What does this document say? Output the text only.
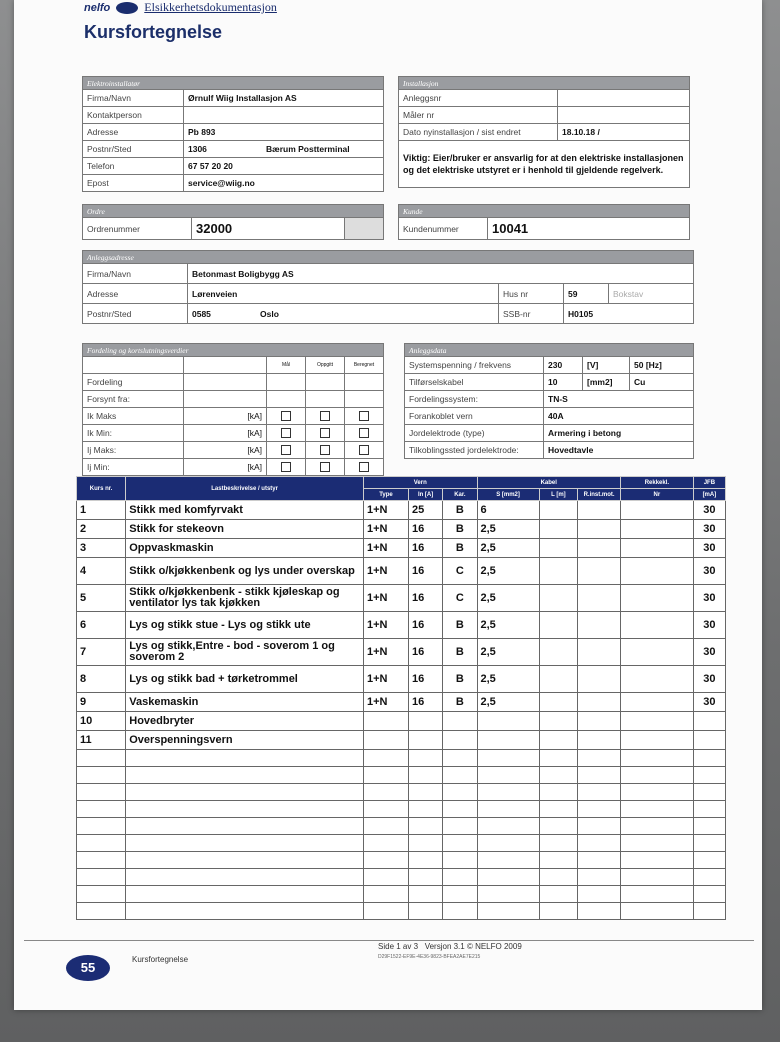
nelfo	Elsikkerhetsdokumentasjon
Kursfortegnelse
Elektroinstallatør		
Firma/Navn	Ørnulf Wiig Installasjon AS	
Kontaktperson		
Adresse	Pb 893	
Postnr/Sted	1306	Bærum Postterminal
Telefon	67 57 20 20	
Epost	service@wiig.no	
Installasjon	
Anleggsnr	
Måler nr	
Dato nyinstallasjon / sist endret	18.10.18 /
Viktig: Eier/bruker er ansvarlig for at den elektriske installasjonen og det elektriske utstyret er i henhold til gjeldende regelverk.	
Ordre
Ordrenummer	32000	
Kunde
Kundenummer	10041
Anleggsadresse					
Firma/Navn	Betonmast Boligbygg AS				
Adresse	Lørenveien		Hus nr	59	Bokstav
Postnr/Sted	0585	Oslo	SSB-nr	H0105	
Fordeling og kortslutningsverdier				
		Mål	Oppgitt	Beregnet
Fordeling				
Forsynt fra:				
Ik Maks	[kA]			
Ik Min:	[kA]			
Ij Maks:	[kA]			
Ij Min:	[kA]			
Anleggsdata			
Systemspenning / frekvens	230	[V]	50 [Hz]
Tilførselskabel	10	[mm2]	Cu
Fordelingssystem:	TN-S		
Forankoblet vern	40A		
Jordelektrode (type)	Armering i betong		
Tilkoblingssted jordelektrode:	Hovedtavle		
Kurs nr.	Lastbeskrivelse / utstyr	Vern			Kabel			Rekkekl.	JFB
		Type	In [A]	Kar.	S [mm2]	L [m]	R.inst.mot.	Nr	[mA]
1	Stikk med komfyrvakt	1+N	25	B	6				30
2	Stikk for stekeovn	1+N	16	B	2,5				30
3	Oppvaskmaskin	1+N	16	B	2,5				30
4	Stikk o/kjøkkenbenk og lys under overskap	1+N	16	C	2,5				30
5	Stikk o/kjøkkenbenk - stikk kjøleskap og ventilator lys tak kjøkken	1+N	16	C	2,5				30
6	Lys og stikk stue - Lys og stikk ute	1+N	16	B	2,5				30
7	Lys og stikk,Entre - bod - soverom 1 og soverom 2	1+N	16	B	2,5				30
8	Lys og stikk bad + tørketrommel	1+N	16	B	2,5				30
9	Vaskemaskin	1+N	16	B	2,5				30
10	Hovedbryter								
11	Overspenningsvern								

55
Kursfortegnelse
Side 1 av 3 Versjon 3.1 © NELFO 2009
D29F1522-EF9E-4E36-9823-BFEA2AE7E215
